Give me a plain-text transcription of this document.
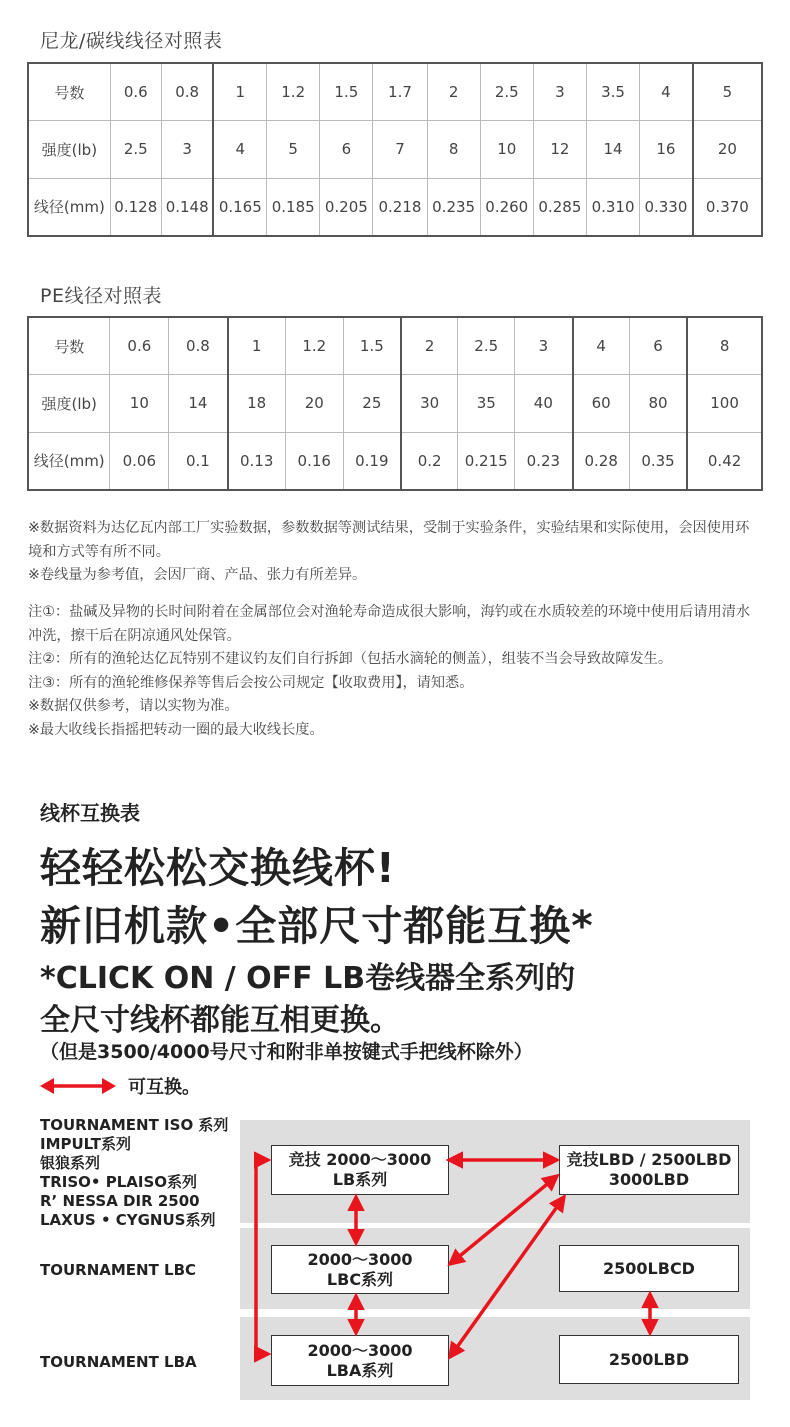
尼龙/碳线线径对照表
号数	0.6	0.8	1	1.2	1.5	1.7	2	2.5	3	3.5	4	5
强度(lb)	2.5	3	4	5	6	7	8	10	12	14	16	20
线径(mm)	0.128	0.148	0.165	0.185	0.205	0.218	0.235	0.260	0.285	0.310	0.330	0.370
PE线径对照表
号数	0.6	0.8	1	1.2	1.5	2	2.5	3	4	6	8
强度(lb)	10	14	18	20	25	30	35	40	60	80	100
线径(mm)	0.06	0.1	0.13	0.16	0.19	0.2	0.215	0.23	0.28	0.35	0.42

※数据资料为达亿瓦内部工厂实验数据，参数数据等测试结果，受制于实验条件，实验结果和实际使用，会因使用环境和方式等有所不同。

※卷线量为参考值，会因厂商、产品、张力有所差异。

注①：盐碱及异物的长时间附着在金属部位会对渔轮寿命造成很大影响，海钓或在水质较差的环境中使用后请用清水冲洗，擦干后在阴凉通风处保管。

注②：所有的渔轮达亿瓦特别不建议钓友们自行拆卸（包括水滴轮的侧盖），组装不当会导致故障发生。

注③：所有的渔轮维修保养等售后会按公司规定【收取费用】，请知悉。

※数据仅供参考，请以实物为准。

※最大收线长指摇把转动一圈的最大收线长度。

线杯互换表
轻轻松松交换线杯!
新旧机款•全部尺寸都能互换*
*CLICK ON / OFF LB卷线器全系列的
全尺寸线杯都能互相更换。
（但是3500/4000号尺寸和附非单按键式手把线杯除外）
可互换。
TOURNAMENT ISO 系列
IMPULT系列
银狼系列
TRISO• PLAISO系列
R’ NESSA DIR 2500
LAXUS • CYGNUS系列
TOURNAMENT LBC
TOURNAMENT LBA
竞技 2000～3000
LB系列
竞技LBD / 2500LBD
3000LBD
2000～3000
LBC系列
2500LBCD
2000～3000
LBA系列
2500LBD
